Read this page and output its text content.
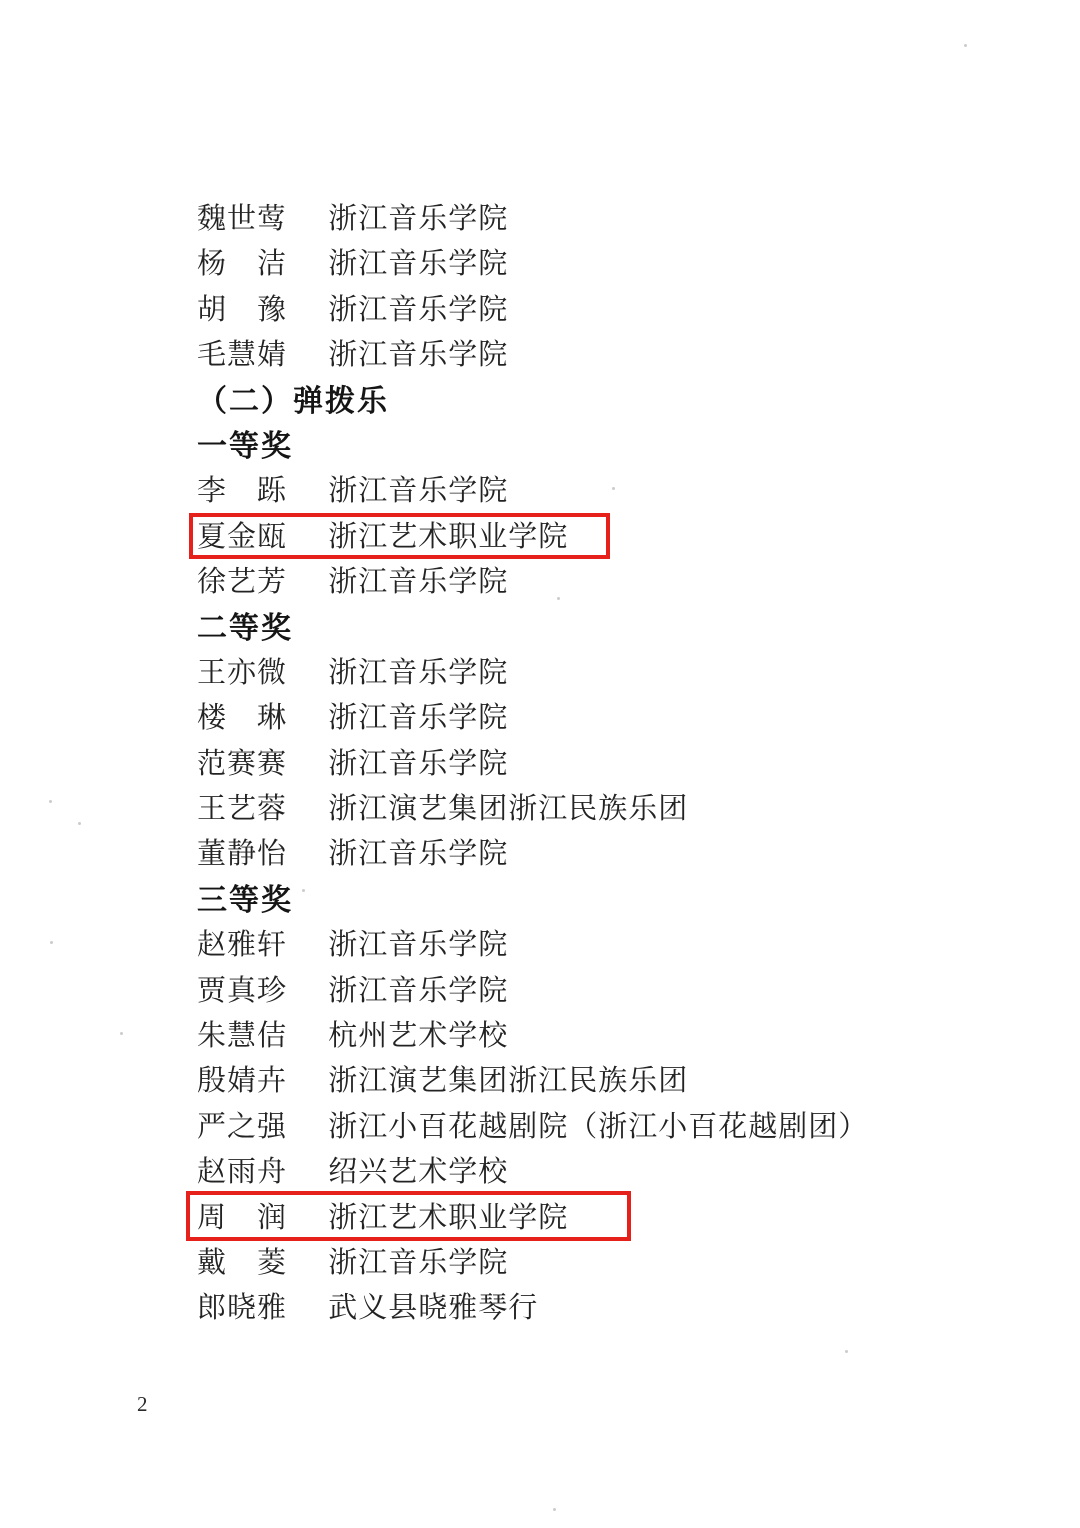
魏世莺 浙江音乐学院
杨　洁 浙江音乐学院
胡　豫 浙江音乐学院
毛慧婧 浙江音乐学院
（二）弹拨乐
一等奖
李　跞 浙江音乐学院
夏金瓯 浙江艺术职业学院
徐艺芳 浙江音乐学院
二等奖
王亦微 浙江音乐学院
楼　琳 浙江音乐学院
范赛赛 浙江音乐学院
王艺蓉 浙江演艺集团浙江民族乐团
董静怡 浙江音乐学院
三等奖
赵雅轩 浙江音乐学院
贾真珍 浙江音乐学院
朱慧佶 杭州艺术学校
殷婧卉 浙江演艺集团浙江民族乐团
严之强 浙江小百花越剧院（浙江小百花越剧团）
赵雨舟 绍兴艺术学校
周　润 浙江艺术职业学院
戴　菱 浙江音乐学院
郎晓雅 武义县晓雅琴行
2
